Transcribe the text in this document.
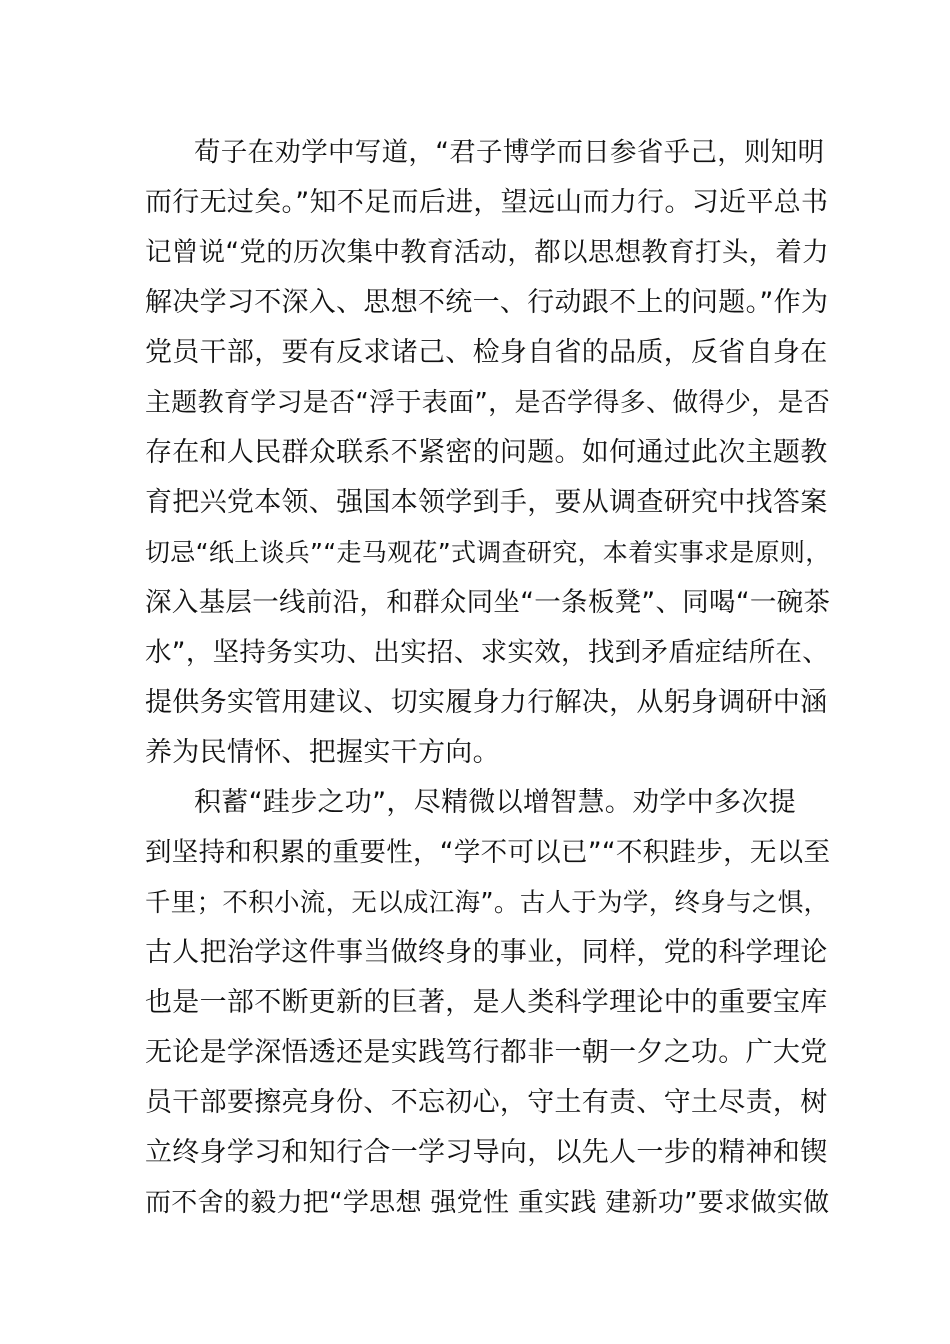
荀子在劝学中写道，“君子博学而日参省乎己，则知明
而行无过矣。”知不足而后进，望远山而力行。习近平总书
记曾说“党的历次集中教育活动，都以思想教育打头，着力
解决学习不深入、思想不统一、行动跟不上的问题。”作为
党员干部，要有反求诸己、检身自省的品质，反省自身在
主题教育学习是否“浮于表面”，是否学得多、做得少，是否
存在和人民群众联系不紧密的问题。如何通过此次主题教
育把兴党本领、强国本领学到手，要从调查研究中找答案
切忌“纸上谈兵”“走马观花”式调查研究，本着实事求是原则，
深入基层一线前沿，和群众同坐“一条板凳”、同喝“一碗茶
水”，坚持务实功、出实招、求实效，找到矛盾症结所在、
提供务实管用建议、切实履身力行解决，从躬身调研中涵
养为民情怀、把握实干方向。
积蓄“跬步之功”，尽精微以增智慧。劝学中多次提
到坚持和积累的重要性，“学不可以已”“不积跬步，无以至
千里；不积小流，无以成江海”。古人于为学，终身与之惧，
古人把治学这件事当做终身的事业，同样，党的科学理论
也是一部不断更新的巨著，是人类科学理论中的重要宝库
无论是学深悟透还是实践笃行都非一朝一夕之功。广大党
员干部要擦亮身份、不忘初心，守土有责、守土尽责，树
立终身学习和知行合一学习导向，以先人一步的精神和锲
而不舍的毅力把“学思想 强党性 重实践 建新功”要求做实做
